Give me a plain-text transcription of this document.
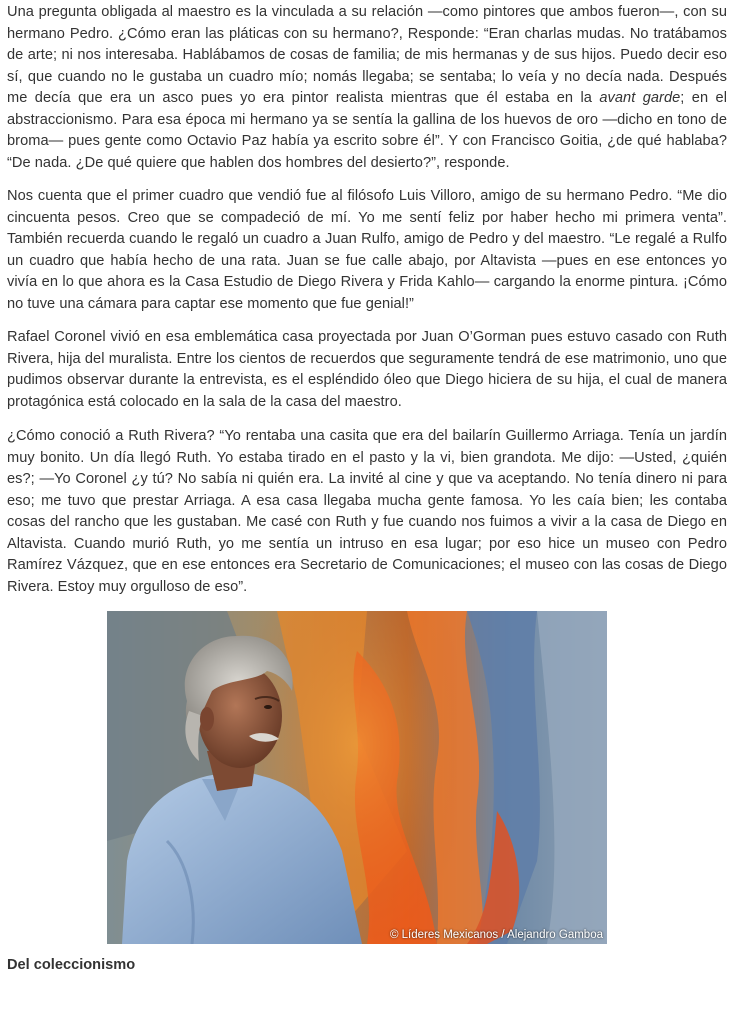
Una pregunta obligada al maestro es la vinculada a su relación —como pintores que ambos fueron—, con su hermano Pedro. ¿Cómo eran las pláticas con su hermano?, Responde: “Eran charlas mudas. No tratábamos de arte; ni nos interesaba. Hablábamos de cosas de familia; de mis hermanas y de sus hijos. Puedo decir eso sí, que cuando no le gustaba un cuadro mío; nomás llegaba; se sentaba; lo veía y no decía nada. Después me decía que era un asco pues yo era pintor realista mientras que él estaba en la avant garde; en el abstraccionismo. Para esa época mi hermano ya se sentía la gallina de los huevos de oro —dicho en tono de broma— pues gente como Octavio Paz había ya escrito sobre él”. Y con Francisco Goitia, ¿de qué hablaba? “De nada. ¿De qué quiere que hablen dos hombres del desierto?”, responde.

Nos cuenta que el primer cuadro que vendió fue al filósofo Luis Villoro, amigo de su hermano Pedro. “Me dio cincuenta pesos. Creo que se compadeció de mí. Yo me sentí feliz por haber hecho mi primera venta”. También recuerda cuando le regaló un cuadro a Juan Rulfo, amigo de Pedro y del maestro. “Le regalé a Rulfo un cuadro que había hecho de una rata. Juan se fue calle abajo, por Altavista —pues en ese entonces yo vivía en lo que ahora es la Casa Estudio de Diego Rivera y Frida Kahlo— cargando la enorme pintura. ¡Cómo no tuve una cámara para captar ese momento que fue genial!”

Rafael Coronel vivió en esa emblemática casa proyectada por Juan O’Gorman pues estuvo casado con Ruth Rivera, hija del muralista. Entre los cientos de recuerdos que seguramente tendrá de ese matrimonio, uno que pudimos observar durante la entrevista, es el espléndido óleo que Diego hiciera de su hija, el cual de manera protagónica está colocado en la sala de la casa del maestro.

¿Cómo conoció a Ruth Rivera? “Yo rentaba una casita que era del bailarín Guillermo Arriaga. Tenía un jardín muy bonito. Un día llegó Ruth. Yo estaba tirado en el pasto y la vi, bien grandota. Me dijo: —Usted, ¿quién es?; —Yo Coronel ¿y tú? No sabía ni quién era. La invité al cine y que va aceptando. No tenía dinero ni para eso; me tuvo que prestar Arriaga. A esa casa llegaba mucha gente famosa. Yo les caía bien; les contaba cosas del rancho que les gustaban. Me casé con Ruth y fue cuando nos fuimos a vivir a la casa de Diego en Altavista. Cuando murió Ruth, yo me sentía un intruso en esa lugar; por eso hice un museo con Pedro Ramírez Vázquez, que en ese entonces era Secretario de Comunicaciones; el museo con las cosas de Diego Rivera. Estoy muy orgulloso de eso”.

© Líderes Mexicanos / Alejandro Gamboa
Del coleccionismo
